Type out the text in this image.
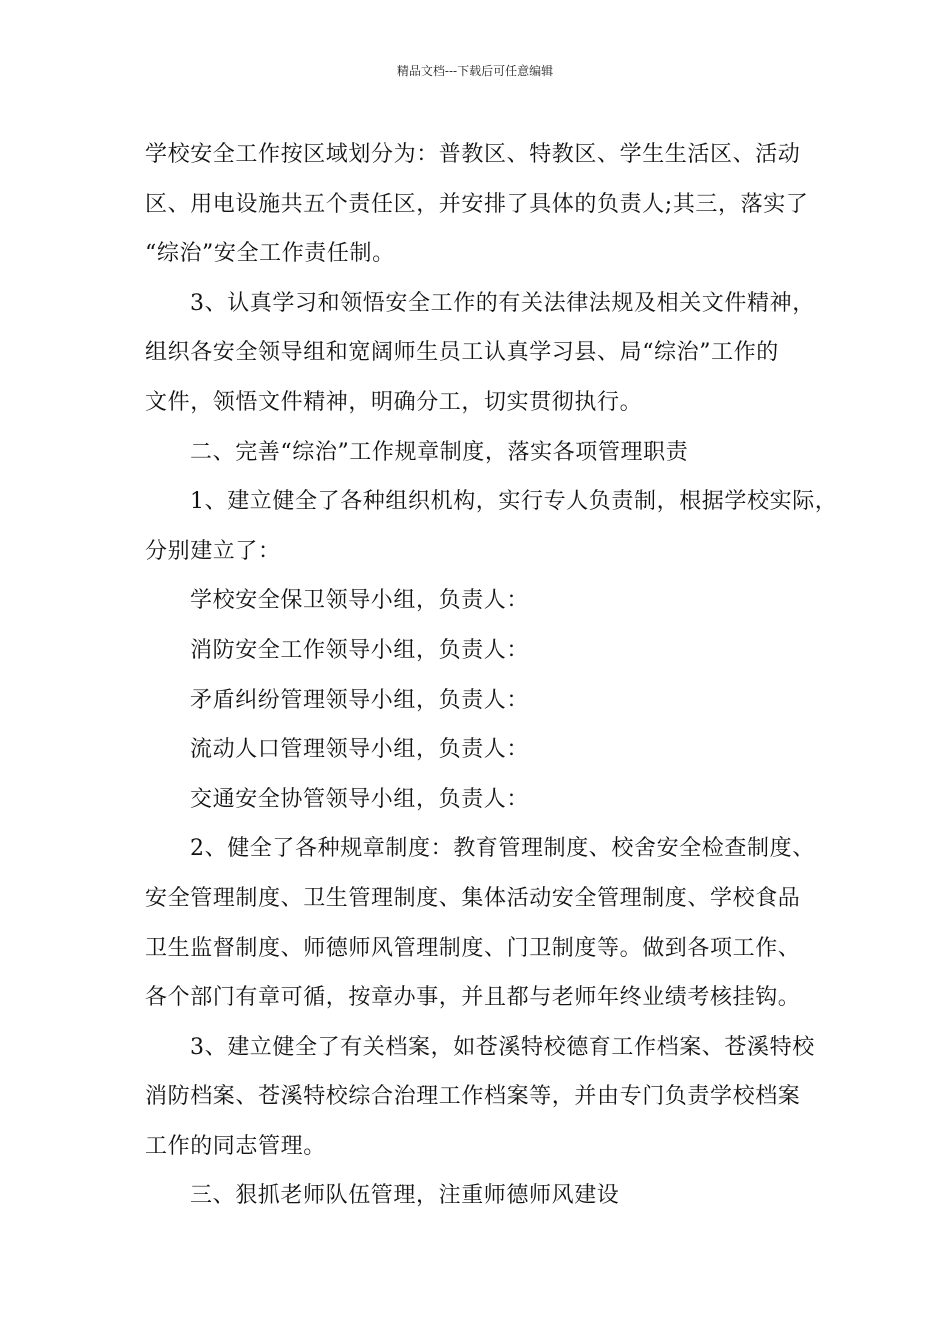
精品文档---下载后可任意编辑
学校安全工作按区域划分为：普教区、特教区、学生生活区、活动
区、用电设施共五个责任区，并安排了具体的负责人;其三，落实了
“综治”安全工作责任制。
3、认真学习和领悟安全工作的有关法律法规及相关文件精神，
组织各安全领导组和宽阔师生员工认真学习县、局“综治”工作的
文件，领悟文件精神，明确分工，切实贯彻执行。
二、完善“综治”工作规章制度，落实各项管理职责
1、建立健全了各种组织机构，实行专人负责制，根据学校实际，
分别建立了：
学校安全保卫领导小组，负责人：
消防安全工作领导小组，负责人：
矛盾纠纷管理领导小组，负责人：
流动人口管理领导小组，负责人：
交通安全协管领导小组，负责人：
2、健全了各种规章制度：教育管理制度、校舍安全检查制度、
安全管理制度、卫生管理制度、集体活动安全管理制度、学校食品
卫生监督制度、师德师风管理制度、门卫制度等。做到各项工作、
各个部门有章可循，按章办事，并且都与老师年终业绩考核挂钩。
3、建立健全了有关档案，如苍溪特校德育工作档案、苍溪特校
消防档案、苍溪特校综合治理工作档案等，并由专门负责学校档案
工作的同志管理。
三、狠抓老师队伍管理，注重师德师风建设
